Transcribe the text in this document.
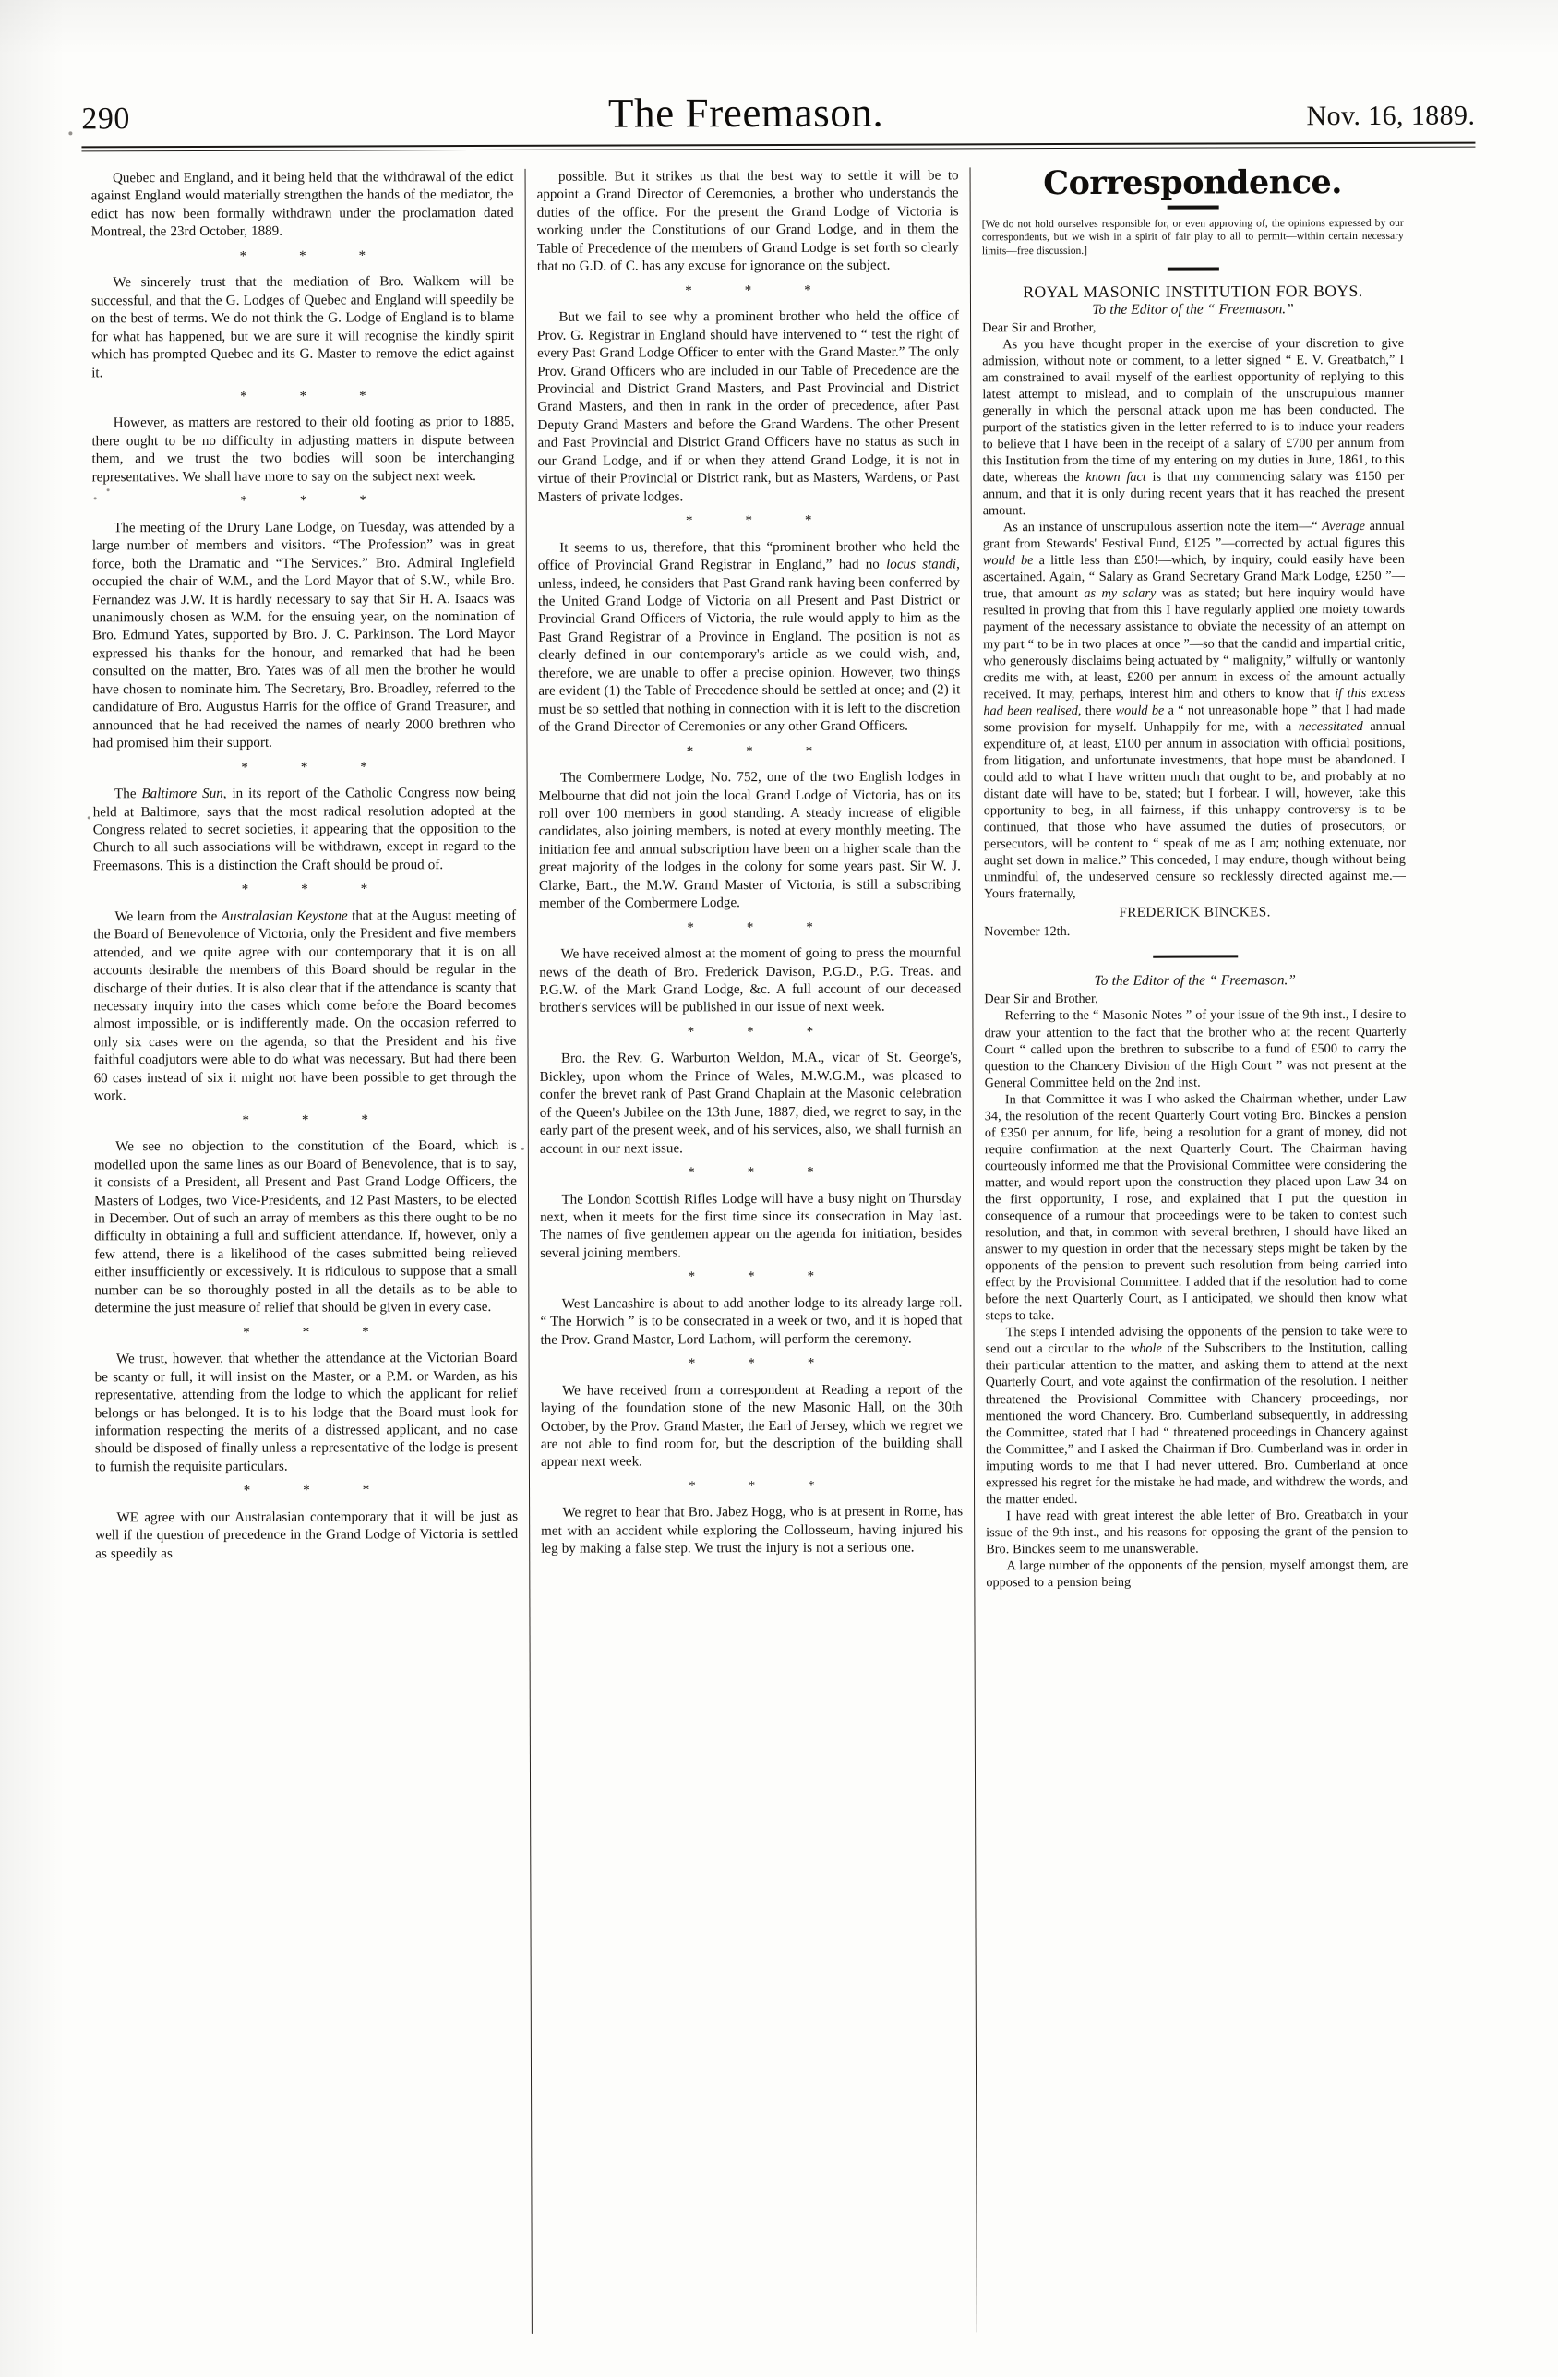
290	The Freemason.	Nov. 16, 1889.

Quebec and England, and it being held that the withdrawal of the edict against England would materially strengthen the hands of the mediator, the edict has now been formally withdrawn under the proclamation dated Montreal, the 23rd October, 1889.

*  *  *

We sincerely trust that the mediation of Bro. Walkem will be successful, and that the G. Lodges of Quebec and England will speedily be on the best of terms. We do not think the G. Lodge of England is to blame for what has happened, but we are sure it will recognise the kindly spirit which has prompted Quebec and its G. Master to remove the edict against it.

*  *  *

However, as matters are restored to their old footing as prior to 1885, there ought to be no difficulty in adjusting matters in dispute between them, and we trust the two bodies will soon be interchanging representatives. We shall have more to say on the subject next week.

*  *  *

The meeting of the Drury Lane Lodge, on Tuesday, was attended by a large number of members and visitors. “The Profession” was in great force, both the Dramatic and “The Services.” Bro. Admiral Inglefield occupied the chair of W.M., and the Lord Mayor that of S.W., while Bro. Fernandez was J.W. It is hardly necessary to say that Sir H. A. Isaacs was unanimously chosen as W.M. for the ensuing year, on the nomination of Bro. Edmund Yates, supported by Bro. J. C. Parkinson. The Lord Mayor expressed his thanks for the honour, and remarked that had he been consulted on the matter, Bro. Yates was of all men the brother he would have chosen to nominate him. The Secretary, Bro. Broadley, referred to the candidature of Bro. Augustus Harris for the office of Grand Treasurer, and announced that he had received the names of nearly 2000 brethren who had promised him their support.

*  *  *

The Baltimore Sun, in its report of the Catholic Congress now being held at Baltimore, says that the most radical resolution adopted at the Congress related to secret societies, it appearing that the opposition to the Church to all such associations will be withdrawn, except in regard to the Freemasons. This is a distinction the Craft should be proud of.

*  *  *

We learn from the Australasian Keystone that at the August meeting of the Board of Benevolence of Victoria, only the President and five members attended, and we quite agree with our contemporary that it is on all accounts desirable the members of this Board should be regular in the discharge of their duties. It is also clear that if the attendance is scanty that necessary inquiry into the cases which come before the Board becomes almost impossible, or is indifferently made. On the occasion referred to only six cases were on the agenda, so that the President and his five faithful coadjutors were able to do what was necessary. But had there been 60 cases instead of six it might not have been possible to get through the work.

*  *  *

We see no objection to the constitution of the Board, which is modelled upon the same lines as our Board of Benevolence, that is to say, it consists of a President, all Present and Past Grand Lodge Officers, the Masters of Lodges, two Vice-Presidents, and 12 Past Masters, to be elected in December. Out of such an array of members as this there ought to be no difficulty in obtaining a full and sufficient attendance. If, however, only a few attend, there is a likelihood of the cases submitted being relieved either insufficiently or excessively. It is ridiculous to suppose that a small number can be so thoroughly posted in all the details as to be able to determine the just measure of relief that should be given in every case.

*  *  *

We trust, however, that whether the attendance at the Victorian Board be scanty or full, it will insist on the Master, or a P.M. or Warden, as his representative, attending from the lodge to which the applicant for relief belongs or has belonged. It is to his lodge that the Board must look for information respecting the merits of a distressed applicant, and no case should be disposed of finally unless a representative of the lodge is present to furnish the requisite particulars.

*  *  *

WE agree with our Australasian contemporary that it will be just as well if the question of precedence in the Grand Lodge of Victoria is settled as speedily as

possible. But it strikes us that the best way to settle it will be to appoint a Grand Director of Ceremonies, a brother who understands the duties of the office. For the present the Grand Lodge of Victoria is working under the Constitutions of our Grand Lodge, and in them the Table of Precedence of the members of Grand Lodge is set forth so clearly that no G.D. of C. has any excuse for ignorance on the subject.

*  *  *

But we fail to see why a prominent brother who held the office of Prov. G. Registrar in England should have intervened to “ test the right of every Past Grand Lodge Officer to enter with the Grand Master.” The only Prov. Grand Officers who are included in our Table of Precedence are the Provincial and District Grand Masters, and Past Provincial and District Grand Masters, and then in rank in the order of precedence, after Past Deputy Grand Masters and before the Grand Wardens. The other Present and Past Provincial and District Grand Officers have no status as such in our Grand Lodge, and if or when they attend Grand Lodge, it is not in virtue of their Provincial or District rank, but as Masters, Wardens, or Past Masters of private lodges.

*  *  *

It seems to us, therefore, that this “prominent brother who held the office of Provincial Grand Registrar in England,” had no locus standi, unless, indeed, he considers that Past Grand rank having been conferred by the United Grand Lodge of Victoria on all Present and Past District or Provincial Grand Officers of Victoria, the rule would apply to him as the Past Grand Registrar of a Province in England. The position is not as clearly defined in our contemporary's article as we could wish, and, therefore, we are unable to offer a precise opinion. However, two things are evident (1) the Table of Precedence should be settled at once; and (2) it must be so settled that nothing in connection with it is left to the discretion of the Grand Director of Ceremonies or any other Grand Officers.

*  *  *

The Combermere Lodge, No. 752, one of the two English lodges in Melbourne that did not join the local Grand Lodge of Victoria, has on its roll over 100 members in good standing. A steady increase of eligible candidates, also joining members, is noted at every monthly meeting. The initiation fee and annual subscription have been on a higher scale than the great majority of the lodges in the colony for some years past. Sir W. J. Clarke, Bart., the M.W. Grand Master of Victoria, is still a subscribing member of the Combermere Lodge.

*  *  *

We have received almost at the moment of going to press the mournful news of the death of Bro. Frederick Davison, P.G.D., P.G. Treas. and P.G.W. of the Mark Grand Lodge, &c. A full account of our deceased brother's services will be published in our issue of next week.

*  *  *

Bro. the Rev. G. Warburton Weldon, M.A., vicar of St. George's, Bickley, upon whom the Prince of Wales, M.W.G.M., was pleased to confer the brevet rank of Past Grand Chaplain at the Masonic celebration of the Queen's Jubilee on the 13th June, 1887, died, we regret to say, in the early part of the present week, and of his services, also, we shall furnish an account in our next issue.

*  *  *

The London Scottish Rifles Lodge will have a busy night on Thursday next, when it meets for the first time since its consecration in May last. The names of five gentlemen appear on the agenda for initiation, besides several joining members.

*  *  *

West Lancashire is about to add another lodge to its already large roll. “ The Horwich ” is to be consecrated in a week or two, and it is hoped that the Prov. Grand Master, Lord Lathom, will perform the ceremony.

*  *  *

We have received from a correspondent at Reading a report of the laying of the foundation stone of the new Masonic Hall, on the 30th October, by the Prov. Grand Master, the Earl of Jersey, which we regret we are not able to find room for, but the description of the building shall appear next week.

*  *  *

We regret to hear that Bro. Jabez Hogg, who is at present in Rome, has met with an accident while exploring the Collosseum, having injured his leg by making a false step. We trust the injury is not a serious one.

Correspondence.

[We do not hold ourselves responsible for, or even approving of, the opinions expressed by our correspondents, but we wish in a spirit of fair play to all to permit—within certain necessary limits—free discussion.]

ROYAL MASONIC INSTITUTION FOR BOYS.

To the Editor of the “ Freemason.”

Dear Sir and Brother,

As you have thought proper in the exercise of your discretion to give admission, without note or comment, to a letter signed “ E. V. Greatbatch,” I am constrained to avail myself of the earliest opportunity of replying to this latest attempt to mislead, and to complain of the unscrupulous manner generally in which the personal attack upon me has been conducted. The purport of the statistics given in the letter referred to is to induce your readers to believe that I have been in the receipt of a salary of £700 per annum from this Institution from the time of my entering on my duties in June, 1861, to this date, whereas the known fact is that my commencing salary was £150 per annum, and that it is only during recent years that it has reached the present amount.

As an instance of unscrupulous assertion note the item—“ Average annual grant from Stewards' Festival Fund, £125 ”—corrected by actual figures this would be a little less than £50!—which, by inquiry, could easily have been ascertained. Again, “ Salary as Grand Secretary Grand Mark Lodge, £250 ”—true, that amount as my salary was as stated; but here inquiry would have resulted in proving that from this I have regularly applied one moiety towards payment of the necessary assistance to obviate the necessity of an attempt on my part “ to be in two places at once ”—so that the candid and impartial critic, who generously disclaims being actuated by “ malignity,” wilfully or wantonly credits me with, at least, £200 per annum in excess of the amount actually received. It may, perhaps, interest him and others to know that if this excess had been realised, there would be a “ not unreasonable hope ” that I had made some provision for myself. Unhappily for me, with a necessitated annual expenditure of, at least, £100 per annum in association with official positions, from litigation, and unfortunate investments, that hope must be abandoned. I could add to what I have written much that ought to be, and probably at no distant date will have to be, stated; but I forbear. I will, however, take this opportunity to beg, in all fairness, if this unhappy controversy is to be continued, that those who have assumed the duties of prosecutors, or persecutors, will be content to “ speak of me as I am; nothing extenuate, nor aught set down in malice.” This conceded, I may endure, though without being unmindful of, the undeserved censure so recklessly directed against me.—Yours fraternally,

FREDERICK BINCKES.

November 12th.

To the Editor of the “ Freemason.”

Dear Sir and Brother,

Referring to the “ Masonic Notes ” of your issue of the 9th inst., I desire to draw your attention to the fact that the brother who at the recent Quarterly Court “ called upon the brethren to subscribe to a fund of £500 to carry the question to the Chancery Division of the High Court ” was not present at the General Committee held on the 2nd inst.

In that Committee it was I who asked the Chairman whether, under Law 34, the resolution of the recent Quarterly Court voting Bro. Binckes a pension of £350 per annum, for life, being a resolution for a grant of money, did not require confirmation at the next Quarterly Court. The Chairman having courteously informed me that the Provisional Committee were considering the matter, and would report upon the construction they placed upon Law 34 on the first opportunity, I rose, and explained that I put the question in consequence of a rumour that proceedings were to be taken to contest such resolution, and that, in common with several brethren, I should have liked an answer to my question in order that the necessary steps might be taken by the opponents of the pension to prevent such resolution from being carried into effect by the Provisional Committee. I added that if the resolution had to come before the next Quarterly Court, as I anticipated, we should then know what steps to take.

The steps I intended advising the opponents of the pension to take were to send out a circular to the whole of the Subscribers to the Institution, calling their particular attention to the matter, and asking them to attend at the next Quarterly Court, and vote against the confirmation of the resolution. I neither threatened the Provisional Committee with Chancery proceedings, nor mentioned the word Chancery. Bro. Cumberland subsequently, in addressing the Committee, stated that I had “ threatened proceedings in Chancery against the Committee,” and I asked the Chairman if Bro. Cumberland was in order in imputing words to me that I had never uttered. Bro. Cumberland at once expressed his regret for the mistake he had made, and withdrew the words, and the matter ended.

I have read with great interest the able letter of Bro. Greatbatch in your issue of the 9th inst., and his reasons for opposing the grant of the pension to Bro. Binckes seem to me unanswerable.

A large number of the opponents of the pension, myself amongst them, are opposed to a pension being
